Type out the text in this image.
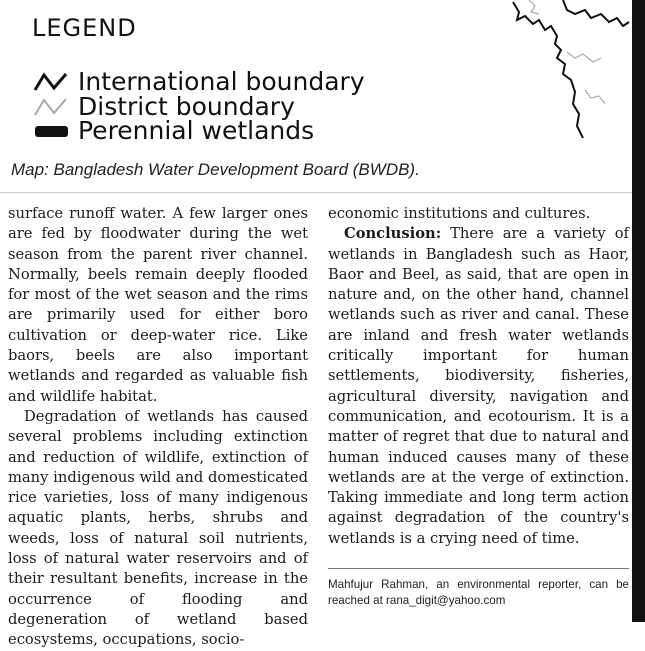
LEGEND
International boundary
District boundary
Perennial wetlands
Map: Bangladesh Water Development Board (BWDB).

surface runoff water. A few larger ones are fed by floodwater during the wet season from the parent river channel. Normally, beels remain deeply flooded for most of the wet season and the rims are primarily used for either boro cultivation or deep-water rice. Like baors, beels are also important wetlands and regarded as valuable fish and wildlife habitat.

Degradation of wetlands has caused several problems including extinction and reduction of wildlife, extinction of many indigenous wild and domesticated rice varieties, loss of many indigenous aquatic plants, herbs, shrubs and weeds, loss of natural soil nutrients, loss of natural water reservoirs and of their resultant benefits, increase in the occurrence of flooding and degeneration of wetland based ecosystems, occupations, socio-

economic institutions and cultures.

Conclusion: There are a variety of wetlands in Bangladesh such as Haor, Baor and Beel, as said, that are open in nature and, on the other hand, channel wetlands such as river and canal. These are inland and fresh water wetlands critically important for human settlements, biodiversity, fisheries, agricultural diversity, navigation and communication, and ecotourism. It is a matter of regret that due to natural and human induced causes many of these wetlands are at the verge of extinction. Taking immediate and long term action against degradation of the country's wetlands is a crying need of time.

Mahfujur Rahman, an environmental reporter, can be reached at rana_digit@yahoo.com
